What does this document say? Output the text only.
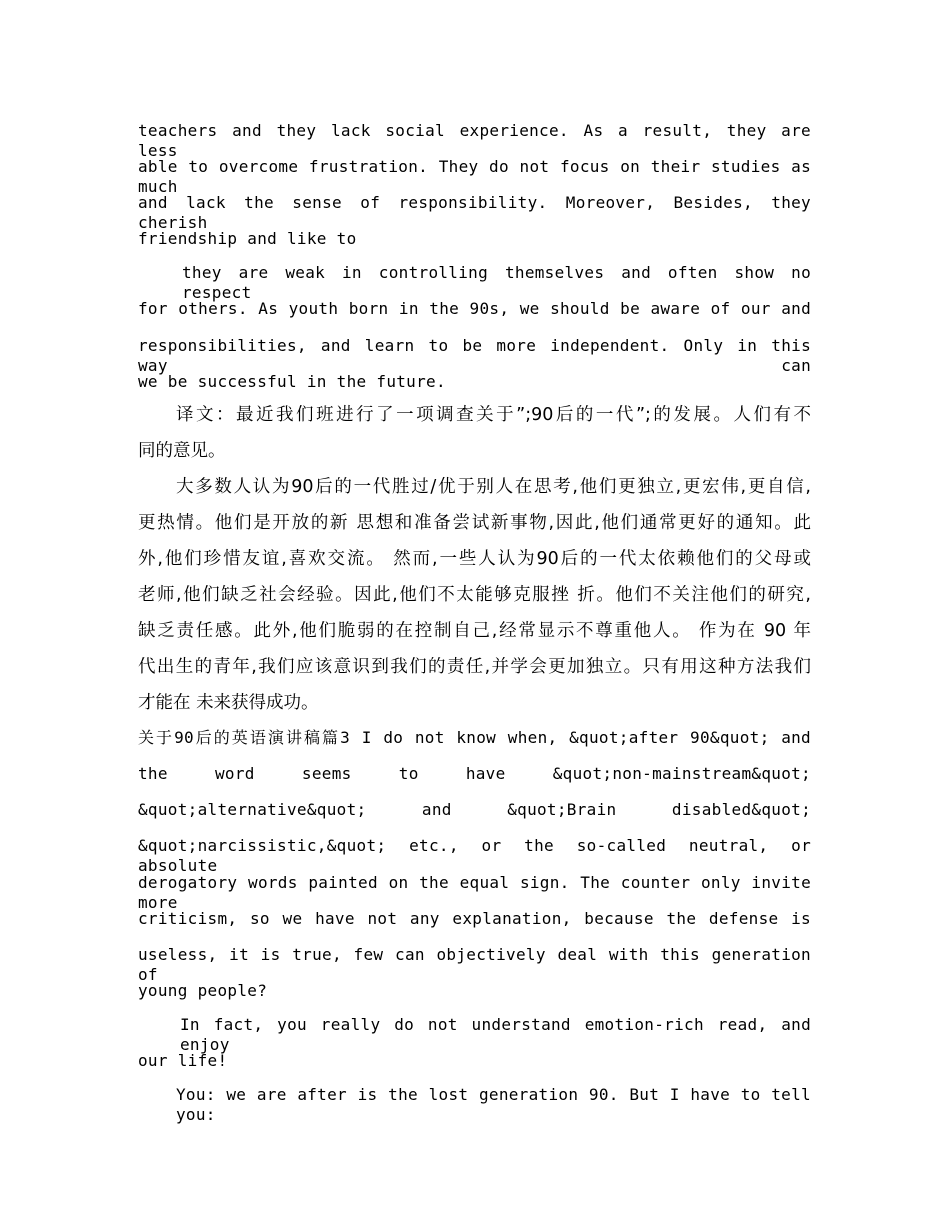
teachers and they lack social experience. As a result, they are less

able to overcome frustration. They do not focus on their studies as much

and lack the sense of responsibility. Moreover, Besides, they cherish

friendship and like to

they are weak in controlling themselves and often show no respect

for others. As youth born in the 90s, we should be aware of our and

responsibilities, and learn to be more independent. Only in this way can

we be successful in the future.

译文：最近我们班进行了一项调查关于”;90后的一代”;的发展。人们有不

同的意见。

大多数人认为90后的一代胜过/优于别人在思考,他们更独立,更宏伟,更自信,

更热情。他们是开放的新 思想和准备尝试新事物,因此,他们通常更好的通知。此

外,他们珍惜友谊,喜欢交流。 然而,一些人认为90后的一代太依赖他们的父母或

老师,他们缺乏社会经验。因此,他们不太能够克服挫 折。他们不关注他们的研究,

缺乏责任感。此外,他们脆弱的在控制自己,经常显示不尊重他人。 作为在 90 年

代出生的青年,我们应该意识到我们的责任,并学会更加独立。只有用这种方法我们

才能在 未来获得成功。

关于90后的英语演讲稿篇3 I do not know when, &quot;after 90&quot; and

the word seems to have &quot;non-mainstream&quot;

&quot;alternative&quot; and &quot;Brain disabled&quot;

&quot;narcissistic,&quot; etc., or the so-called neutral, or absolute

derogatory words painted on the equal sign. The counter only invite more

criticism, so we have not any explanation, because the defense is

useless, it is true, few can objectively deal with this generation of

young people?

In fact, you really do not understand emotion-rich read, and enjoy

our life!

You: we are after is the lost generation 90. But I have to tell you:
